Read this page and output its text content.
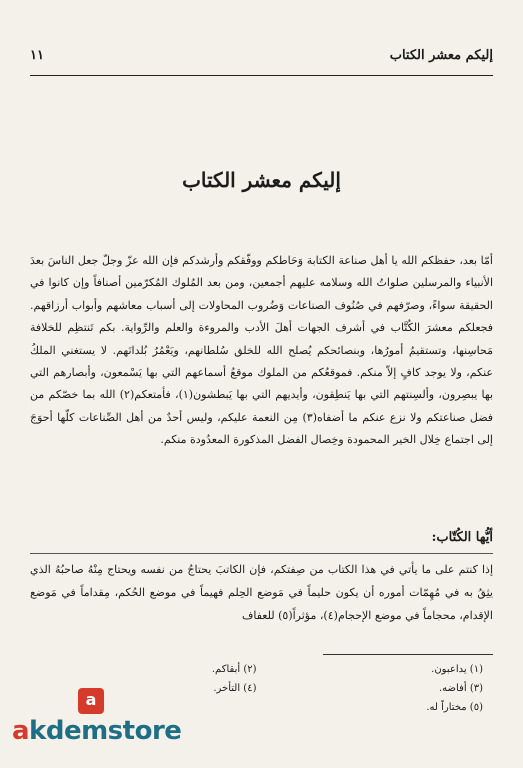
إليكم معشر الكتاب
١١
إليكم معشر الكتاب

أمّا بعد، حفظكم الله يا أهل صناعة الكتابة وَحَاطكم ووفّقكم وأرشدكم فإن الله عزّ وجلّ جعل الناسَ بعدَ الأنبياء والمرسلين صلواتُ الله وسلامه عليهم أجمعين، ومن بعد المُلوك المُكرّمين أصنافاً وإن كانوا في الحقيقة سواءً، وصرّفهم في صُنُوف الصناعات وَضُروب المحاولات إلى أسباب معاشهم وأبواب أرزاقهم. فجعلكم معشرَ الكُتَّاب في أشرف الجهات أهلَ الأدب والمروءة والعلم والرِّواية. بكم تَنتظِم للخلافة مَحاسِنها، وتستقيمُ أمورُها، وبنصائحكم يُصلح الله للخلق سُلطانهم، ويَعْمُرُ بُلدانَهم. لا يستغني الملكُ عنكم، ولا يوجد كافٍ إلاّ منكم. فموقعُكم من الملوك موقعُ أسماعهم التي بها يَسْمعون، وأبصارهم التي بها يبصِرون، وألسِنتهم التي بها يَنطِقون، وأيديهم التي بها يَبطشون(١)، فأمتعكم(٢) الله بما خصّكم من فضل صناعتكم ولا نزع عنكم ما أضفاه(٣) مِن النعمة عليكم، وليس أحدٌ من أهل الصِّناعات كلّها أحوَجَ إلى اجتماع خِلال الخير المحمودة وخِصال الفضل المذكورة المعدُودة منكم.

أيُّها الكُتّاب:

إذا كنتم على ما يأتي في هذا الكتاب من صِفتكم، فإن الكاتبَ يحتاجُ من نفسه ويحتاج مِنْهُ صاحبُهُ الذي يثِقُ به في مُهِمّات أموره أن يكون حليماً في مَوضع الحِلم فهيماً في موضع الحُكم، مِقداماً في مَوضع الإقدام، محجاماً في موضع الإحجام(٤)، مؤثراً(٥) للعفاف

(١) يداعبون.
(٢) أبقاكم.
(٣) أفاضه.
(٤) التأخر.
(٥) مختاراً له.
a
akdemstore
